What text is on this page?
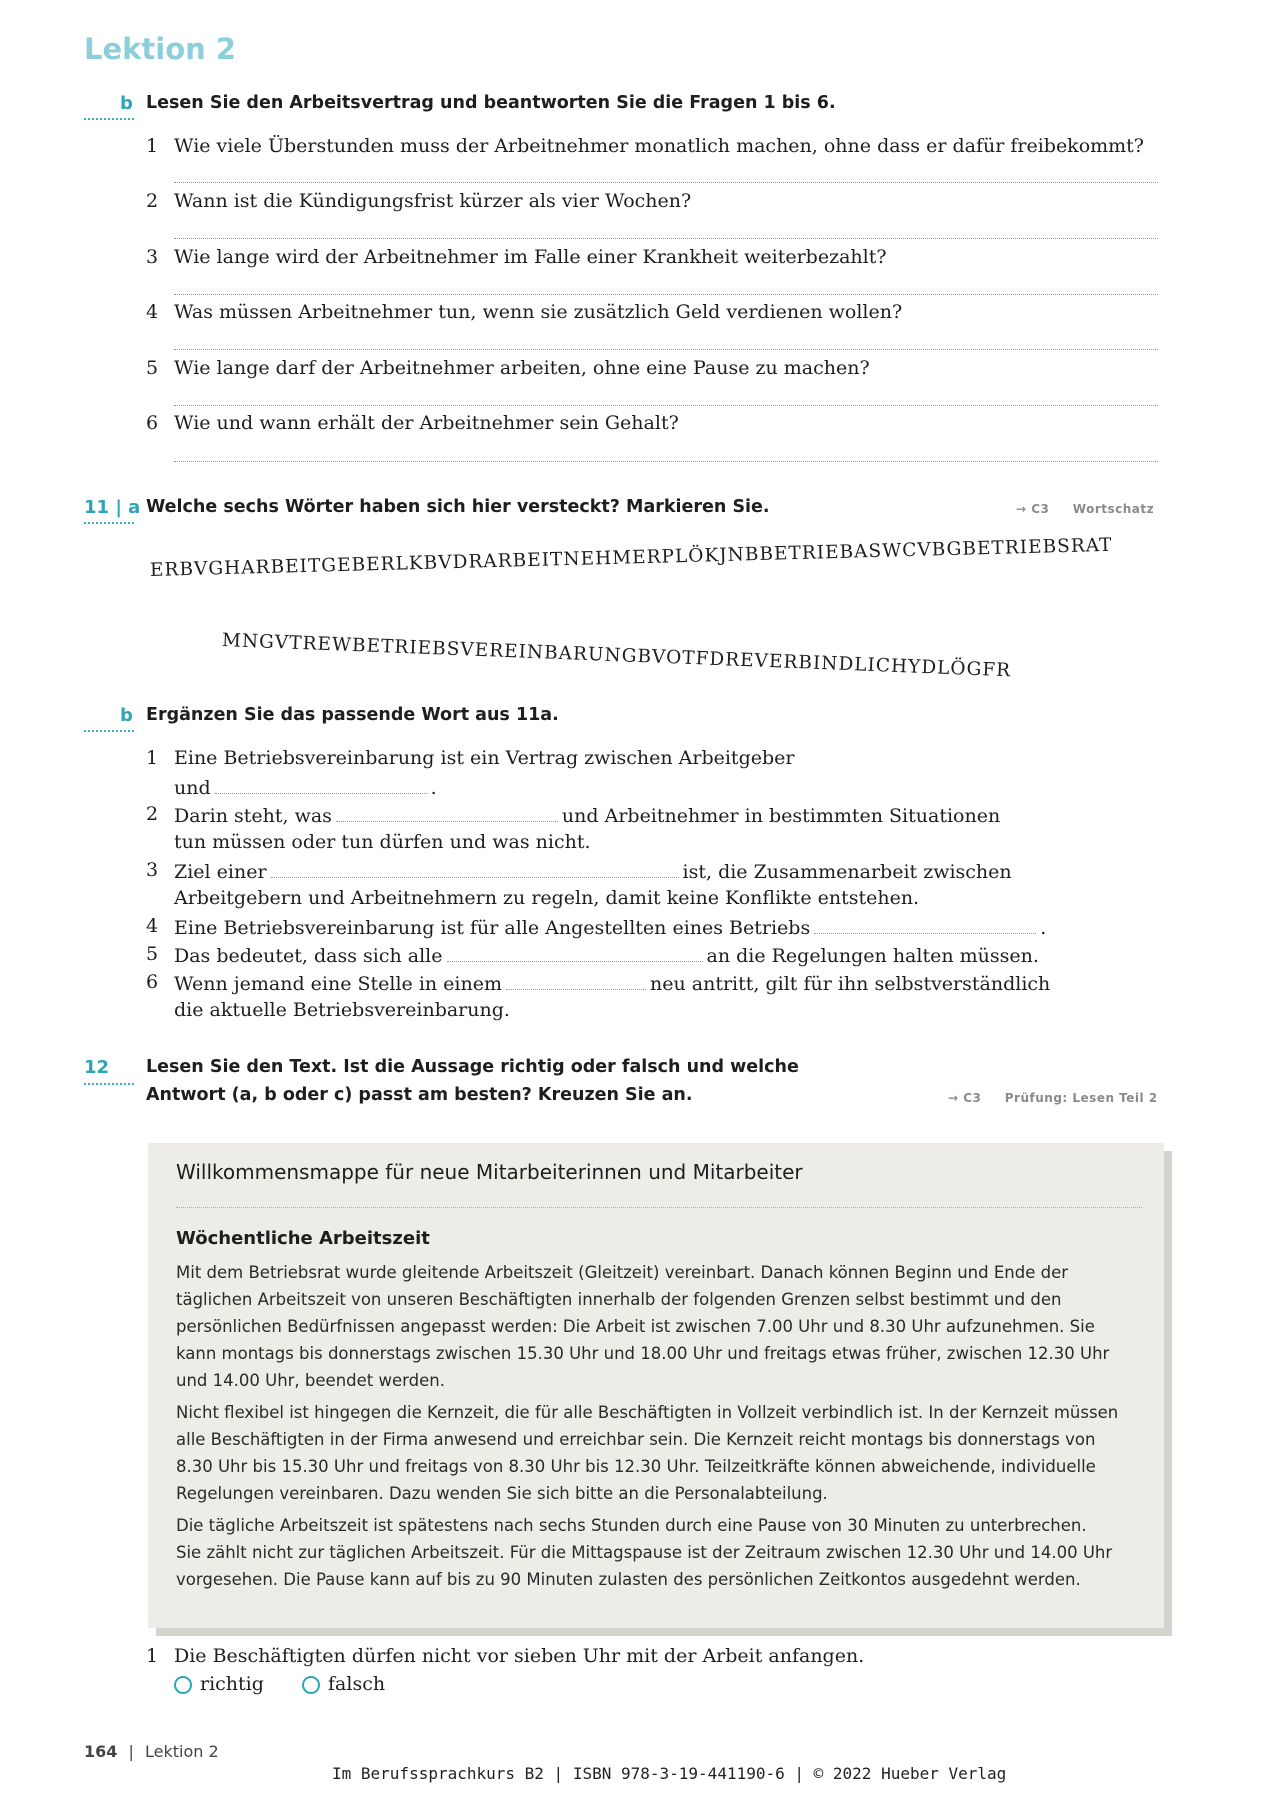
Lektion 2
b Lesen Sie den Arbeitsvertrag und beantworten Sie die Fragen 1 bis 6.
1 Wie viele Überstunden muss der Arbeitnehmer monatlich machen, ohne dass er dafür freibekommt?
2 Wann ist die Kündigungsfrist kürzer als vier Wochen?
3 Wie lange wird der Arbeitnehmer im Falle einer Krankheit weiterbezahlt?
4 Was müssen Arbeitnehmer tun, wenn sie zusätzlich Geld verdienen wollen?
5 Wie lange darf der Arbeitnehmer arbeiten, ohne eine Pause zu machen?
6 Wie und wann erhält der Arbeitnehmer sein Gehalt?
11 | a Welche sechs Wörter haben sich hier versteckt? Markieren Sie.	→ C3 Wortschatz
ERBVGHARBEITGEBERLKBVDRARBEITNEHMERPLÖKJNBBETRIEBASWCVBGBETRIEBSRAT
MNGVTREWBETRIEBSVEREINBARUNGBVOTFDREVERBINDLICHYDLÖGFR
b Ergänzen Sie das passende Wort aus 11a.
1 Eine Betriebsvereinbarung ist ein Vertrag zwischen Arbeitgeber
und	.
2 Darin steht, was	und Arbeitnehmer in bestimmten Situationen
tun müssen oder tun dürfen und was nicht.
3 Ziel einer	ist, die Zusammenarbeit zwischen
Arbeitgebern und Arbeitnehmern zu regeln, damit keine Konflikte entstehen.
4 Eine Betriebsvereinbarung ist für alle Angestellten eines Betriebs	.
5 Das bedeutet, dass sich alle	an die Regelungen halten müssen.
6 Wenn jemand eine Stelle in einem	neu antritt, gilt für ihn selbstverständlich
die aktuelle Betriebsvereinbarung.
12 Lesen Sie den Text. Ist die Aussage richtig oder falsch und welche
Antwort (a, b oder c) passt am besten? Kreuzen Sie an.	→ C3 Prüfung: Lesen Teil 2
Willkommensmappe für neue Mitarbeiterinnen und Mitarbeiter
Wöchentliche Arbeitszeit
Mit dem Betriebsrat wurde gleitende Arbeitszeit (Gleitzeit) vereinbart. Danach können Beginn und Ende der
täglichen Arbeitszeit von unseren Beschäftigten innerhalb der folgenden Grenzen selbst bestimmt und den
persönlichen Bedürfnissen angepasst werden: Die Arbeit ist zwischen 7.00 Uhr und 8.30 Uhr aufzunehmen. Sie
kann montags bis donnerstags zwischen 15.30 Uhr und 18.00 Uhr und freitags etwas früher, zwischen 12.30 Uhr
und 14.00 Uhr, beendet werden.
Nicht flexibel ist hingegen die Kernzeit, die für alle Beschäftigten in Vollzeit verbindlich ist. In der Kernzeit müssen
alle Beschäftigten in der Firma anwesend und erreichbar sein. Die Kernzeit reicht montags bis donnerstags von
8.30 Uhr bis 15.30 Uhr und freitags von 8.30 Uhr bis 12.30 Uhr. Teilzeitkräfte können abweichende, individuelle
Regelungen vereinbaren. Dazu wenden Sie sich bitte an die Personalabteilung.
Die tägliche Arbeitszeit ist spätestens nach sechs Stunden durch eine Pause von 30 Minuten zu unterbrechen.
Sie zählt nicht zur täglichen Arbeitszeit. Für die Mittagspause ist der Zeitraum zwischen 12.30 Uhr und 14.00 Uhr
vorgesehen. Die Pause kann auf bis zu 90 Minuten zulasten des persönlichen Zeitkontos ausgedehnt werden.
1 Die Beschäftigten dürfen nicht vor sieben Uhr mit der Arbeit anfangen.
richtig	falsch
164 | Lektion 2
Im Berufssprachkurs B2 | ISBN 978-3-19-441190-6 | © 2022 Hueber Verlag
